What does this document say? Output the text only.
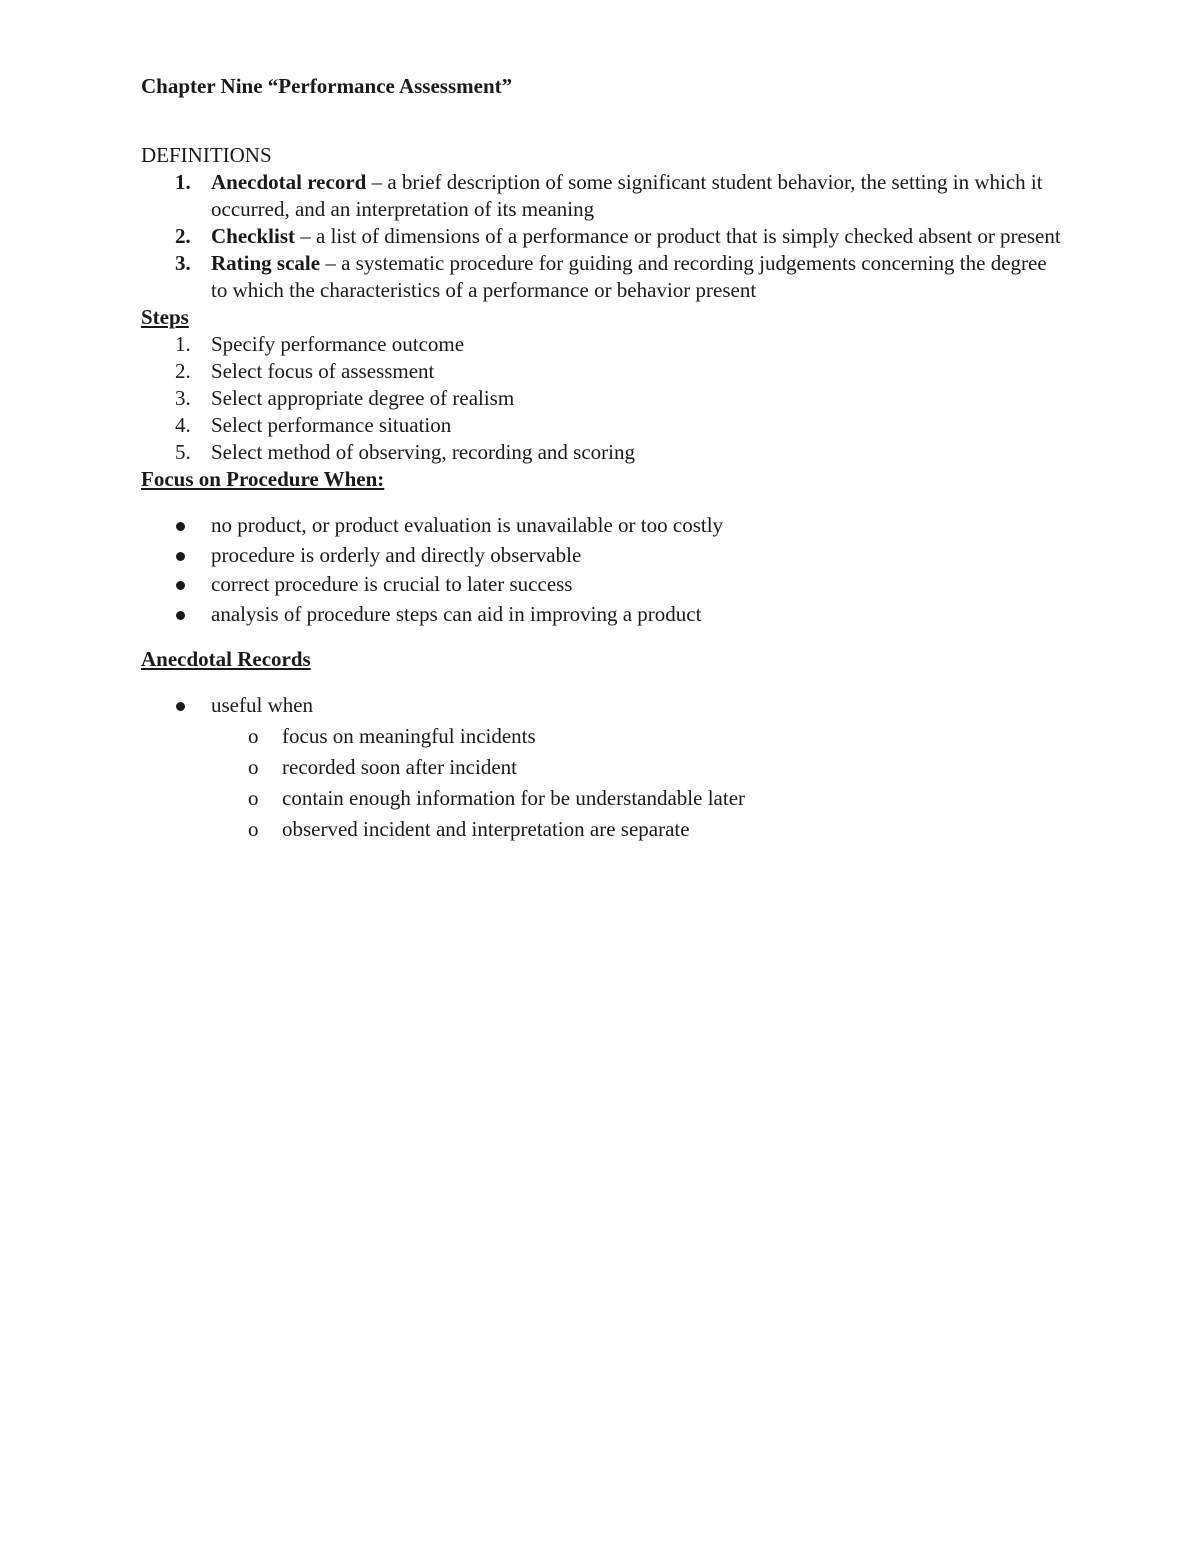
Chapter Nine “Performance Assessment”

DEFINITIONS
1. Anecdotal record – a brief description of some significant student behavior, the setting in which it occurred, and an interpretation of its meaning
2. Checklist – a list of dimensions of a performance or product that is simply checked absent or present
3. Rating scale – a systematic procedure for guiding and recording judgements concerning the degree to which the characteristics of a performance or behavior present
Steps
1. Specify performance outcome
2. Select focus of assessment
3. Select appropriate degree of realism
4. Select performance situation
5. Select method of observing, recording and scoring
Focus on Procedure When:
no product, or product evaluation is unavailable or too costly
procedure is orderly and directly observable
correct procedure is crucial to later success
analysis of procedure steps can aid in improving a product
Anecdotal Records
useful when
o focus on meaningful incidents
o recorded soon after incident
o contain enough information for be understandable later
o observed incident and interpretation are separate
